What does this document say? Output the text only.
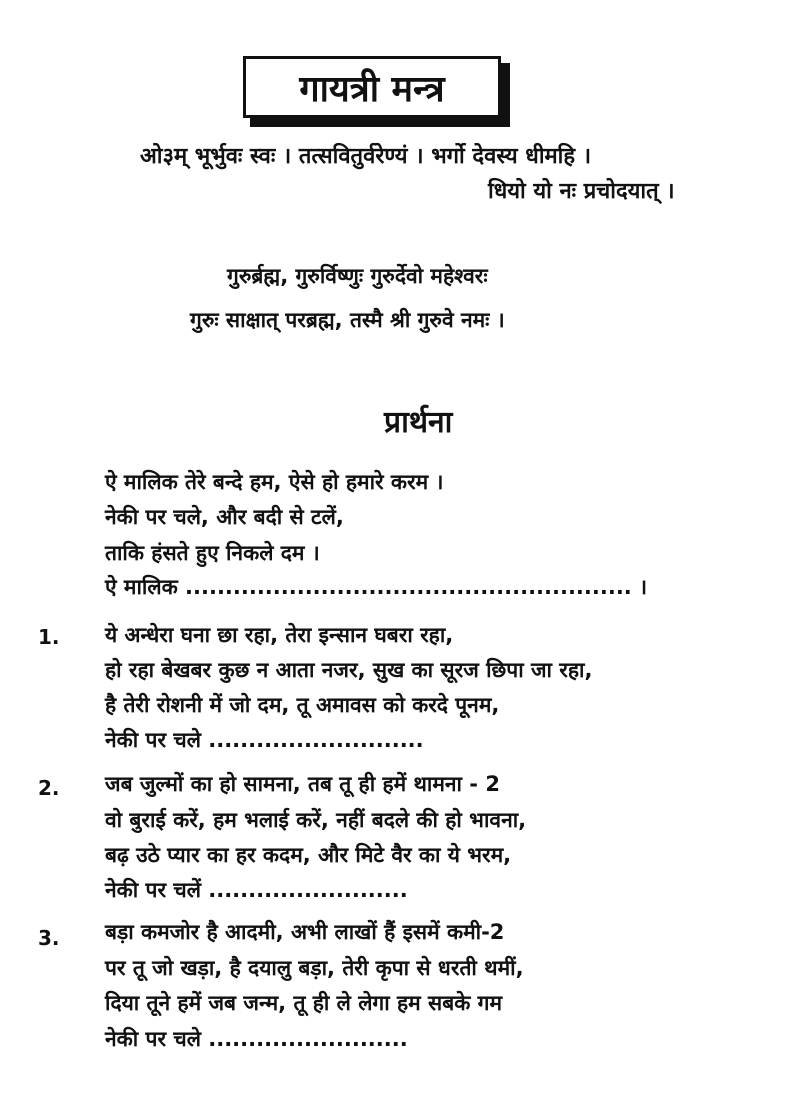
गायत्री मन्त्र
ओ३म् भूर्भुवः स्वः । तत्सवितुर्वरेण्यं । भर्गो देवस्य धीमहि ।
धियो यो नः प्रचोदयात् ।
गुरुर्ब्रह्म, गुरुर्विष्णुः गुरुर्देवो महेश्वरः
गुरुः साक्षात् परब्रह्म, तस्मै श्री गुरुवे नमः ।
प्रार्थना
ऐ मालिक तेरे बन्दे हम, ऐसे हो हमारे करम ।
नेकी पर चले, और बदी से टलें,
ताकि हंसते हुए निकले दम ।
ऐ मालिक ........................................................ ।
1. ये अन्धेरा घना छा रहा, तेरा इन्सान घबरा रहा,
हो रहा बेखबर कुछ न आता नजर, सुख का सूरज छिपा जा रहा,
है तेरी रोशनी में जो दम, तू अमावस को करदे पूनम,
नेकी पर चले ...........................
2. जब जुल्मों का हो सामना, तब तू ही हमें थामना - 2
वो बुराई करें, हम भलाई करें, नहीं बदले की हो भावना,
बढ़ उठे प्यार का हर कदम, और मिटे वैर का ये भरम,
नेकी पर चलें .........................
3. बड़ा कमजोर है आदमी, अभी लाखों हैं इसमें कमी-2
पर तू जो खड़ा, है दयालु बड़ा, तेरी कृपा से धरती थमीं,
दिया तूने हमें जब जन्म, तू ही ले लेगा हम सबके गम
नेकी पर चले .........................
